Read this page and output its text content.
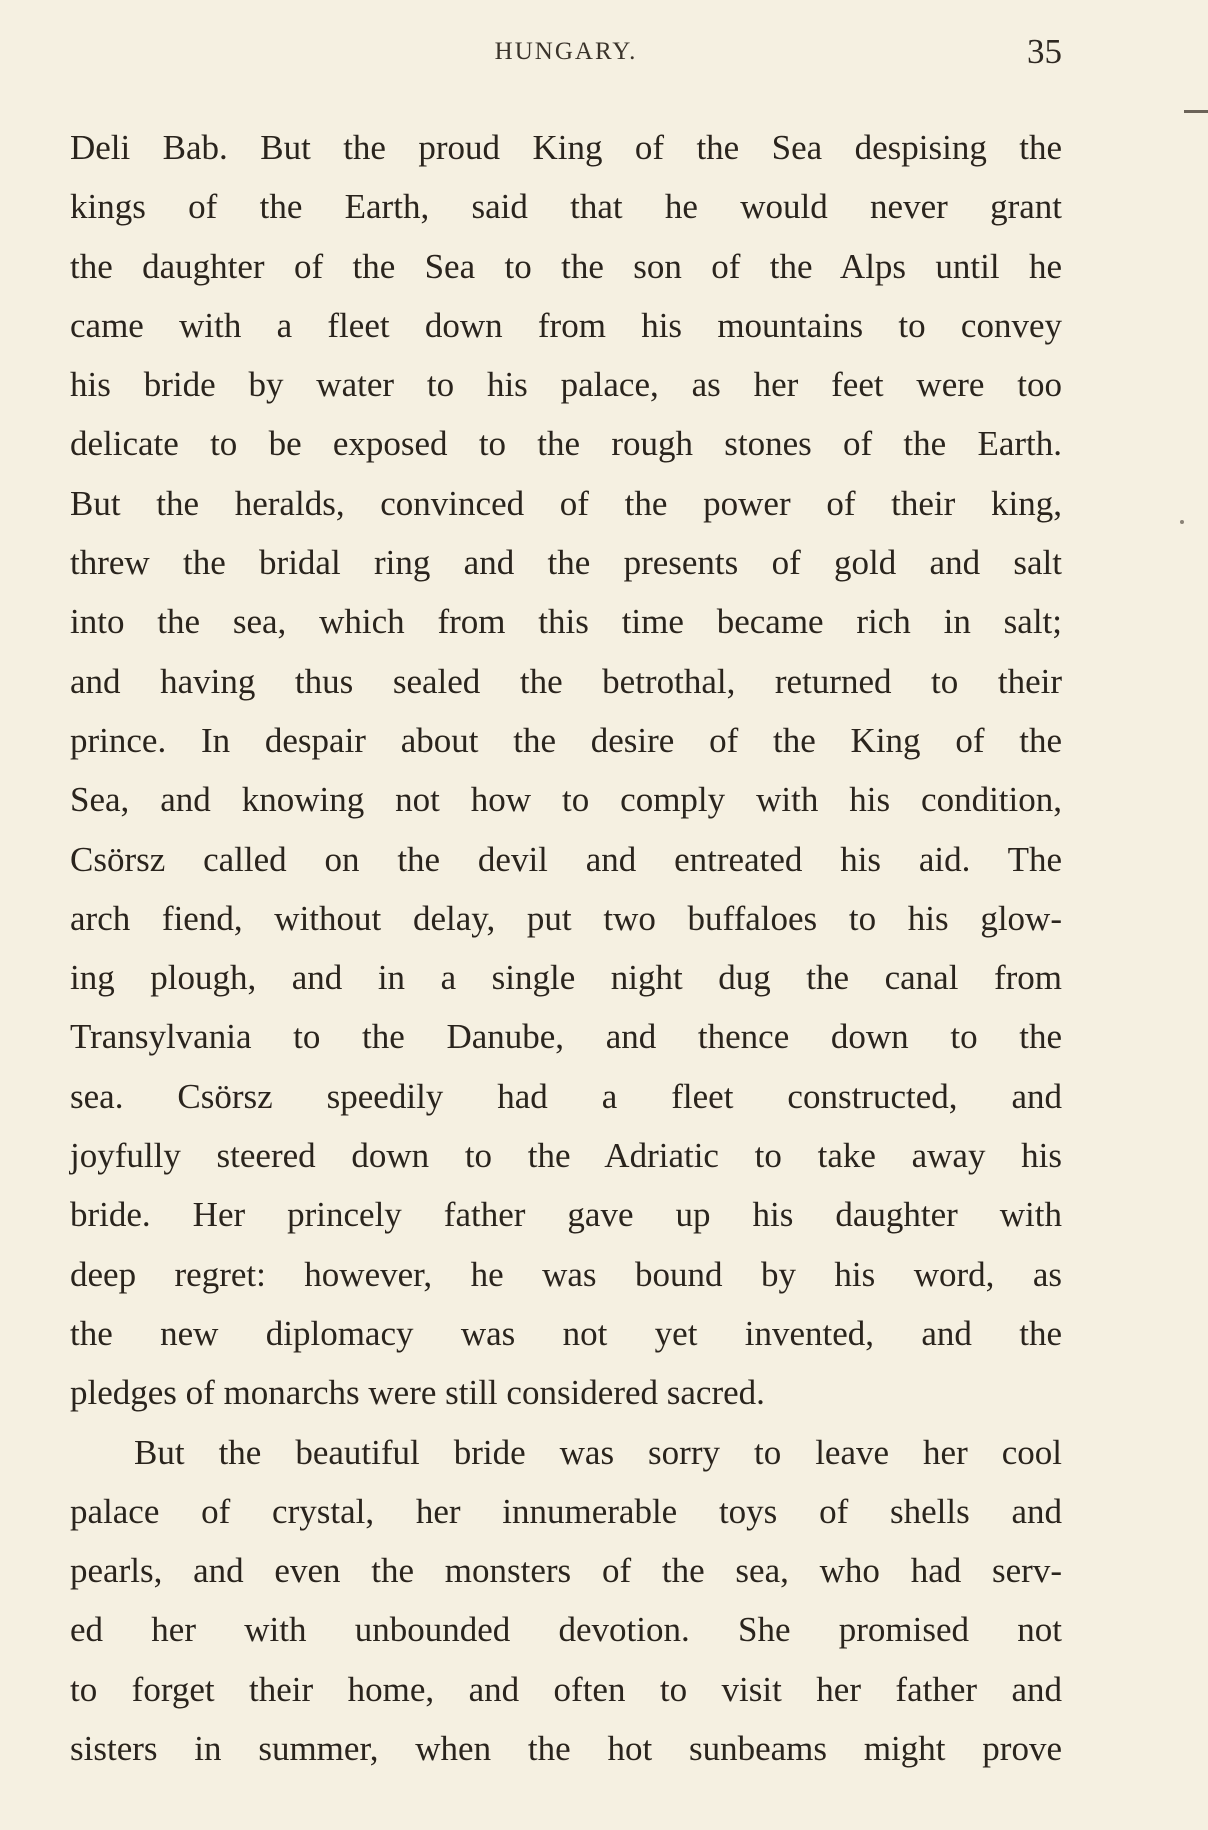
HUNGARY.	35
Deli Bab. But the proud King of the Sea despising the
kings of the Earth, said that he would never grant
the daughter of the Sea to the son of the Alps until he
came with a fleet down from his mountains to convey
his bride by water to his palace, as her feet were too
delicate to be exposed to the rough stones of the Earth.
But the heralds, convinced of the power of their king,
threw the bridal ring and the presents of gold and salt
into the sea, which from this time became rich in salt;
and having thus sealed the betrothal, returned to their
prince. In despair about the desire of the King of the
Sea, and knowing not how to comply with his condition,
Csörsz called on the devil and entreated his aid. The
arch fiend, without delay, put two buffaloes to his glow-
ing plough, and in a single night dug the canal from
Transylvania to the Danube, and thence down to the
sea. Csörsz speedily had a fleet constructed, and
joyfully steered down to the Adriatic to take away his
bride. Her princely father gave up his daughter with
deep regret: however, he was bound by his word, as
the new diplomacy was not yet invented, and the
pledges of monarchs were still considered sacred.
But the beautiful bride was sorry to leave her cool
palace of crystal, her innumerable toys of shells and
pearls, and even the monsters of the sea, who had serv-
ed her with unbounded devotion. She promised not
to forget their home, and often to visit her father and
sisters in summer, when the hot sunbeams might prove
